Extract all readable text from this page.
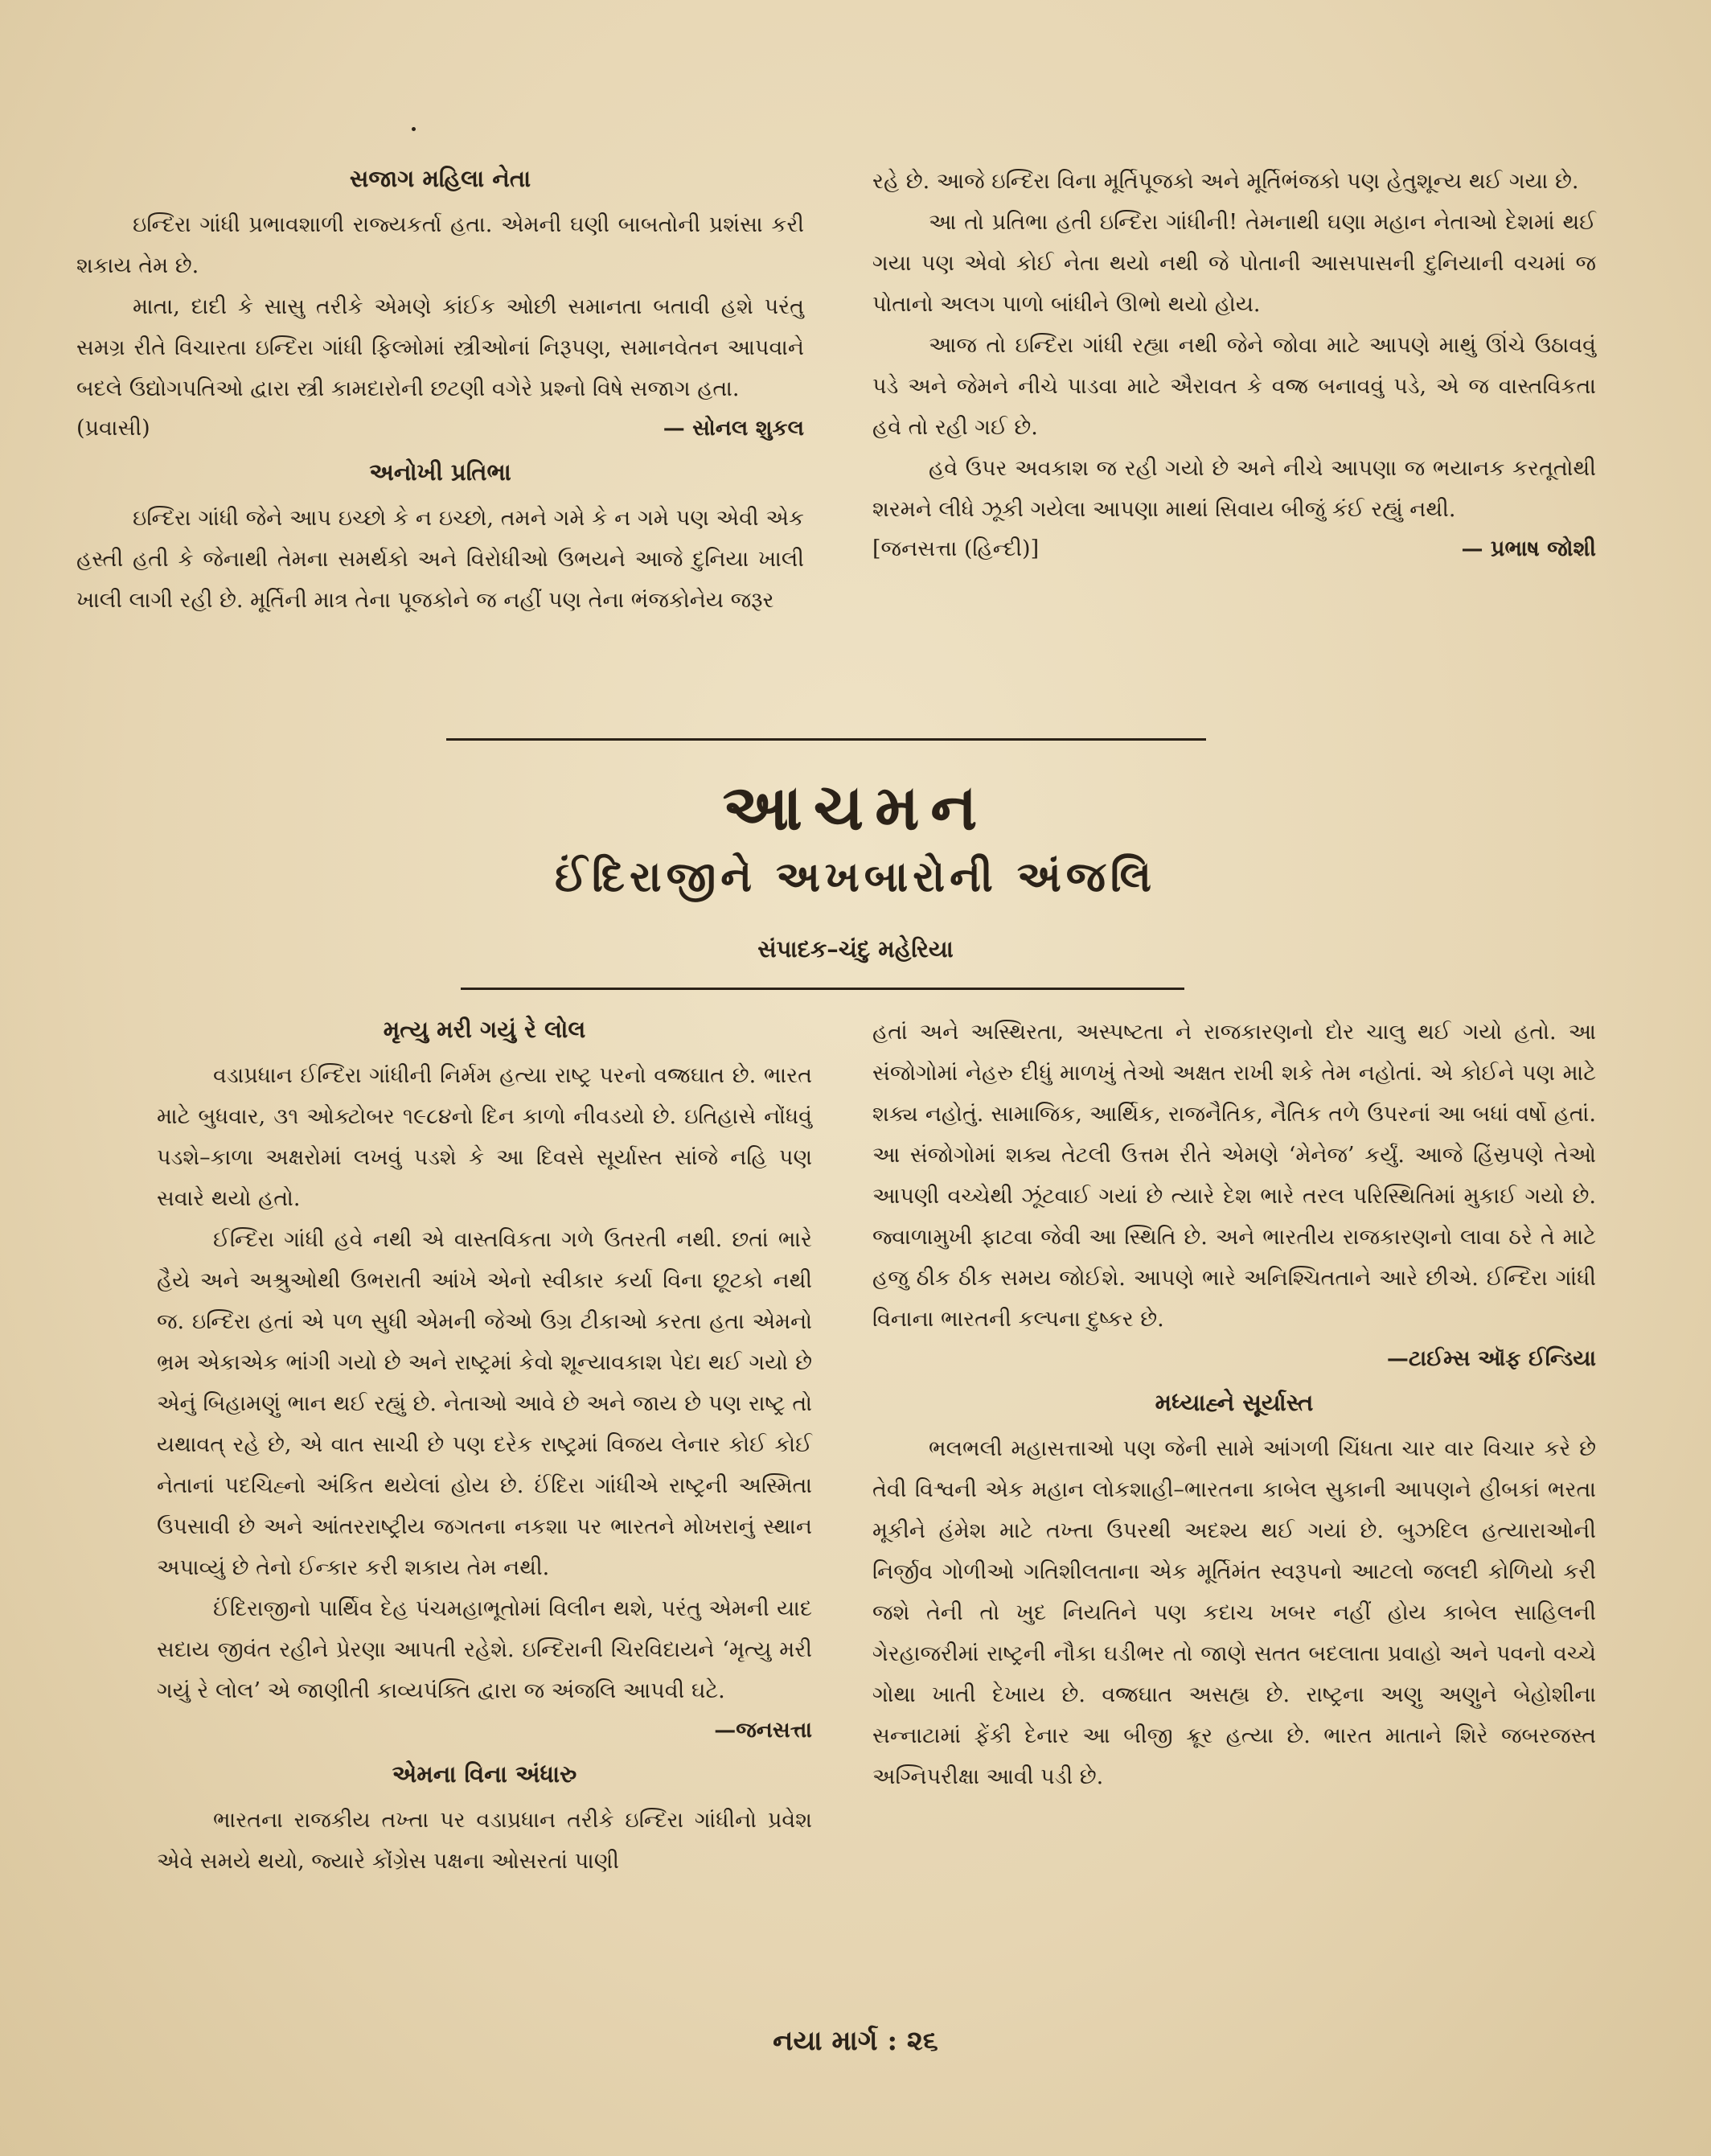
સજાગ મહિલા નેતા

ઇન્દિરા ગાંધી પ્રભાવશાળી રાજ્યકર્તા હતા. એમની ઘણી બાબતોની પ્રશંસા કરી શકાય તેમ છે.

માતા, દાદી કે સાસુ તરીકે એમણે કાંઈક ઓછી સમાનતા બતાવી હશે પરંતુ સમગ્ર રીતે વિચારતા ઇન્દિરા ગાંધી ફિલ્મોમાં સ્ત્રીઓનાં નિરૂપણ, સમાનવેતન આપવાને બદલે ઉદ્યોગપતિઓ દ્વારા સ્ત્રી કામદારોની છટણી વગેરે પ્રશ્નો વિષે સજાગ હતા.

(પ્રવાસી)	— સોનલ શુકલ
અનોખી પ્રતિભા

ઇન્દિરા ગાંધી જેને આપ ઇચ્છો કે ન ઇચ્છો, તમને ગમે કે ન ગમે પણ એવી એક હસ્તી હતી કે જેનાથી તેમના સમર્થકો અને વિરોધીઓ ઉભયને આજે દુનિયા ખાલી ખાલી લાગી રહી છે. મૂર્તિની માત્ર તેના પૂજકોને જ નહીં પણ તેના ભંજકોનેય જરૂર

રહે છે. આજે ઇન્દિરા વિના મૂર્તિપૂજકો અને મૂર્તિભંજકો પણ હેતુશૂન્ય થઈ ગયા છે.

આ તો પ્રતિભા હતી ઇન્દિરા ગાંધીની! તેમનાથી ઘણા મહાન નેતાઓ દેશમાં થઈ ગયા પણ એવો કોઈ નેતા થયો નથી જે પોતાની આસપાસની દુનિયાની વચમાં જ પોતાનો અલગ પાળો બાંધીને ઊભો થયો હોય.

આજ તો ઇન્દિરા ગાંધી રહ્યા નથી જેને જોવા માટે આપણે માથું ઊંચે ઉઠાવવું પડે અને જેમને નીચે પાડવા માટે ઐરાવત કે વજ્ર બનાવવું પડે, એ જ વાસ્તવિકતા હવે તો રહી ગઈ છે.

હવે ઉપર અવકાશ જ રહી ગયો છે અને નીચે આપણા જ ભયાનક કરતૂતોથી શરમને લીધે ઝૂકી ગયેલા આપણા માથાં સિવાય બીજું કંઈ રહ્યું નથી.

[જનસત્તા (હિન્દી)]	— પ્રભાષ જોશી
આચમન
ઈંદિરાજીને અખબારોની અંજલિ
સંપાદક–ચંદુ મહેરિયા
મૃત્યુ મરી ગયું રે લોલ

વડાપ્રધાન ઈન્દિરા ગાંધીની નિર્મમ હત્યા રાષ્ટ્ર પરનો વજ્રઘાત છે. ભારત માટે બુધવાર, ૩૧ ઓક્ટોબર ૧૯૮૪નો દિન કાળો નીવડયો છે. ઇતિહાસે નોંધવું પડશે–કાળા અક્ષરોમાં લખવું પડશે કે આ દિવસે સૂર્યાસ્ત સાંજે નહિ પણ સવારે થયો હતો.

ઈન્દિરા ગાંધી હવે નથી એ વાસ્તવિકતા ગળે ઉતરતી નથી. છતાં ભારે હૈયે અને અશ્રુઓથી ઉભરાતી આંખે એનો સ્વીકાર કર્યા વિના છૂટકો નથી જ. ઇન્દિરા હતાં એ પળ સુધી એમની જેઓ ઉગ્ર ટીકાઓ કરતા હતા એમનો ભ્રમ એકાએક ભાંગી ગયો છે અને રાષ્ટ્રમાં કેવો શૂન્યાવકાશ પેદા થઈ ગયો છે એનું બિહામણું ભાન થઈ રહ્યું છે. નેતાઓ આવે છે અને જાય છે પણ રાષ્ટ્ર તો યથાવત્ રહે છે, એ વાત સાચી છે પણ દરેક રાષ્ટ્રમાં વિજય લેનાર કોઈ કોઈ નેતાનાં પદચિહ્નો અંકિત થયેલાં હોય છે. ઈંદિરા ગાંધીએ રાષ્ટ્રની અસ્મિતા ઉપસાવી છે અને આંતરરાષ્ટ્રીય જગતના નકશા પર ભારતને મોખરાનું સ્થાન અપાવ્યું છે તેનો ઈન્કાર કરી શકાય તેમ નથી.

ઈંદિરાજીનો પાર્થિવ દેહ પંચમહાભૂતોમાં વિલીન થશે, પરંતુ એમની યાદ સદાય જીવંત રહીને પ્રેરણા આપતી રહેશે. ઇન્દિરાની ચિરવિદાયને ‘મૃત્યુ મરી ગયું રે લોલ’ એ જાણીતી કાવ્યપંક્તિ દ્વારા જ અંજલિ આપવી ઘટે.

—જનસત્તા
એમના વિના અંધારુ

ભારતના રાજકીય તખ્તા પર વડાપ્રધાન તરીકે ઇન્દિરા ગાંધીનો પ્રવેશ એવે સમયે થયો, જ્યારે કોંગ્રેસ પક્ષના ઓસરતાં પાણી

હતાં અને અસ્થિરતા, અસ્પષ્ટતા ને રાજકારણનો દોર ચાલુ થઈ ગયો હતો. આ સંજોગોમાં નેહરુ દીધું માળખું તેઓ અક્ષત રાખી શકે તેમ નહોતાં. એ કોઈને પણ માટે શક્ય નહોતું. સામાજિક, આર્થિક, રાજનૈતિક, નૈતિક તળે ઉપરનાં આ બધાં વર્ષો હતાં. આ સંજોગોમાં શક્ય તેટલી ઉત્તમ રીતે એમણે ‘મેનેજ’ કર્યું. આજે હિંસ્રપણે તેઓ આપણી વચ્ચેથી ઝૂંટવાઈ ગયાં છે ત્યારે દેશ ભારે તરલ પરિસ્થિતિમાં મુકાઈ ગયો છે. જ્વાળામુખી ફાટવા જેવી આ સ્થિતિ છે. અને ભારતીય રાજકારણનો લાવા ઠરે તે માટે હજુ ઠીક ઠીક સમય જોઈશે. આપણે ભારે અનિશ્ચિતતાને આરે છીએ. ઈન્દિરા ગાંધી વિનાના ભારતની કલ્પના દુષ્કર છે.

—ટાઈમ્સ ઑફ ઈન્ડિયા
મધ્યાહ્ને સૂર્યાસ્ત

ભલભલી મહાસત્તાઓ પણ જેની સામે આંગળી ચિંધતા ચાર વાર વિચાર કરે છે તેવી વિશ્વની એક મહાન લોકશાહી–ભારતના કાબેલ સુકાની આપણને હીબકાં ભરતા મૂકીને હંમેશ માટે તખ્તા ઉપરથી અદશ્ય થઈ ગયાં છે. બુઝદિલ હત્યારાઓની નિર્જીવ ગોળીઓ ગતિશીલતાના એક મૂર્તિમંત સ્વરૂપનો આટલો જલદી કોળિયો કરી જશે તેની તો ખુદ નિયતિને પણ કદાચ ખબર નહીં હોય કાબેલ સાહિલની ગેરહાજરીમાં રાષ્ટ્રની નૌકા ઘડીભર તો જાણે સતત બદલાતા પ્રવાહો અને પવનો વચ્ચે ગોથા ખાતી દેખાય છે. વજ્રઘાત અસહ્ય છે. રાષ્ટ્રના અણુ અણુને બેહોશીના સન્નાટામાં ફેંકી દેનાર આ બીજી ક્રૂર હત્યા છે. ભારત માતાને શિરે જબરજસ્ત અગ્નિપરીક્ષા આવી પડી છે.

નયા માર્ગ : ૨૬
